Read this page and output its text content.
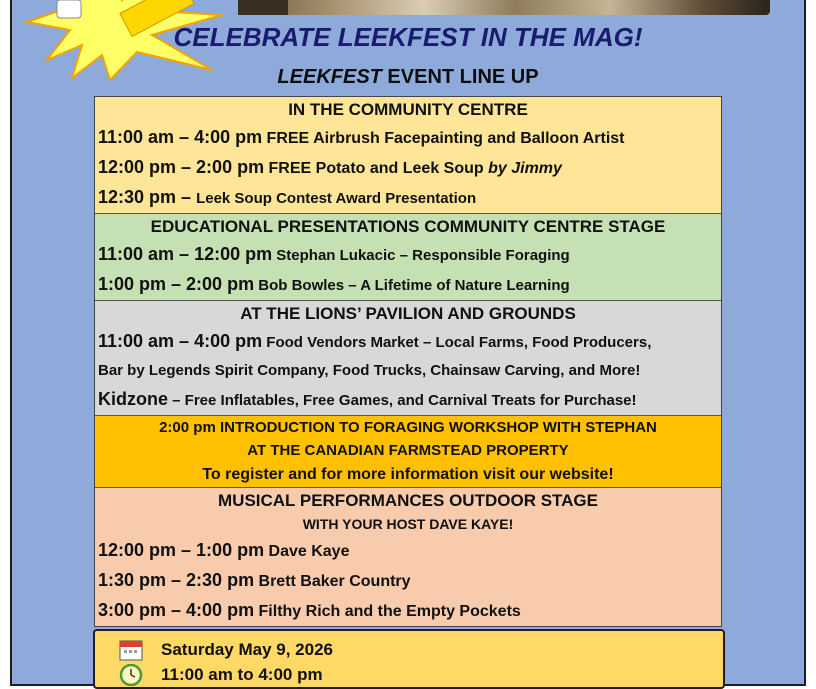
CELEBRATE LEEKFEST IN THE MAG!
LEEKFEST EVENT LINE UP
IN THE COMMUNITY CENTRE
11:00 am – 4:00 pm FREE Airbrush Facepainting and Balloon Artist
12:00 pm – 2:00 pm FREE Potato and Leek Soup by Jimmy
12:30 pm – Leek Soup Contest Award Presentation
EDUCATIONAL PRESENTATIONS COMMUNITY CENTRE STAGE
11:00 am – 12:00 pm Stephan Lukacic – Responsible Foraging
1:00 pm – 2:00 pm Bob Bowles – A Lifetime of Nature Learning
AT THE LIONS’ PAVILION AND GROUNDS
11:00 am – 4:00 pm Food Vendors Market – Local Farms, Food Producers,
Bar by Legends Spirit Company, Food Trucks, Chainsaw Carving, and More!
Kidzone – Free Inflatables, Free Games, and Carnival Treats for Purchase!
2:00 pm INTRODUCTION TO FORAGING WORKSHOP WITH STEPHAN
AT THE CANADIAN FARMSTEAD PROPERTY
To register and for more information visit our website!
MUSICAL PERFORMANCES OUTDOOR STAGE
WITH YOUR HOST DAVE KAYE!
12:00 pm – 1:00 pm Dave Kaye
1:30 pm – 2:30 pm Brett Baker Country
3:00 pm – 4:00 pm Filthy Rich and the Empty Pockets
Saturday May 9, 2026
11:00 am to 4:00 pm
